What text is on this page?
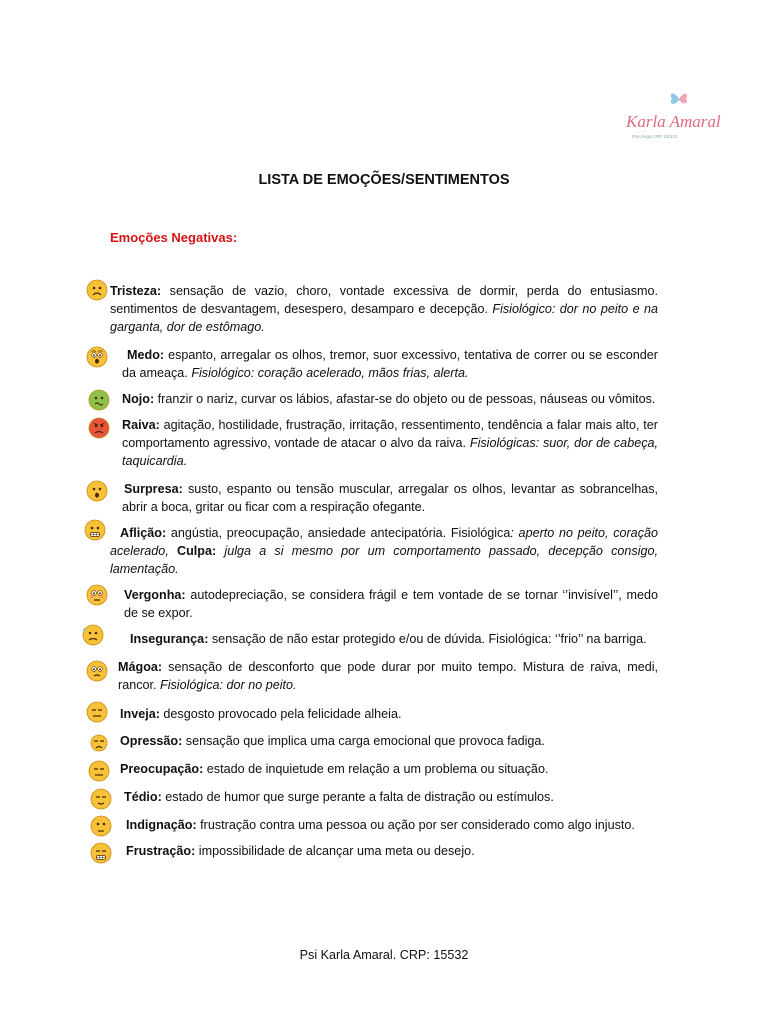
Karla Amaral
Psicóloga CRP 15/532
LISTA DE EMOÇÕES/SENTIMENTOS
Emoções Negativas:
Tristeza: sensação de vazio, choro, vontade excessiva de dormir, perda do entusiasmo. sentimentos de desvantagem, desespero, desamparo e decepção. Fisiológico: dor no peito e na garganta, dor de estômago.
Medo: espanto, arregalar os olhos, tremor, suor excessivo, tentativa de correr ou se esconder da ameaça. Fisiológico: coração acelerado, mãos frias, alerta.
Nojo: franzir o nariz, curvar os lábios, afastar-se do objeto ou de pessoas, náuseas ou vômitos.
Raiva: agitação, hostilidade, frustração, irritação, ressentimento, tendência a falar mais alto, ter comportamento agressivo, vontade de atacar o alvo da raiva. Fisiológicas: suor, dor de cabeça, taquicardia.
Surpresa: susto, espanto ou tensão muscular, arregalar os olhos, levantar as sobrancelhas, abrir a boca, gritar ou ficar com a respiração ofegante.
Aflição: angústia, preocupação, ansiedade antecipatória. Fisiológica: aperto no peito, coração acelerado, Culpa: julga a si mesmo por um comportamento passado, decepção consigo, lamentação.
Vergonha: autodepreciação, se considera frágil e tem vontade de se tornar ‘’invisível’’, medo de se expor.
Insegurança: sensação de não estar protegido e/ou de dúvida. Fisiológica: ‘’frio’’ na barriga.
Mágoa: sensação de desconforto que pode durar por muito tempo. Mistura de raiva, medi, rancor. Fisiológica: dor no peito.
Inveja: desgosto provocado pela felicidade alheia.
Opressão: sensação que implica uma carga emocional que provoca fadiga.
Preocupação: estado de inquietude em relação a um problema ou situação.
Tédio: estado de humor que surge perante a falta de distração ou estímulos.
Indignação: frustração contra uma pessoa ou ação por ser considerado como algo injusto.
Frustração: impossibilidade de alcançar uma meta ou desejo.
Psi Karla Amaral. CRP: 15532
